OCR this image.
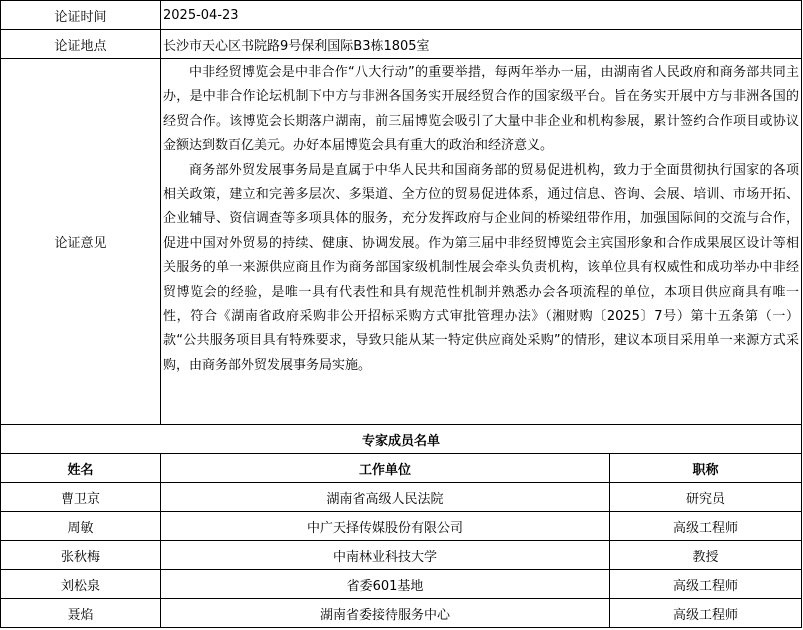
论证时间	2025-04-23	
论证地点	长沙市天心区书院路9号保利国际B3栋1805室	
论证意见	中非经贸博览会是中非合作“八大行动”的重要举措，每两年举办一届，由湖南省人民政府和商务部共同主办，是中非合作论坛机制下中方与非洲各国务实开展经贸合作的国家级平台。旨在务实开展中方与非洲各国的经贸合作。该博览会长期落户湖南，前三届博览会吸引了大量中非企业和机构参展，累计签约合作项目或协议金额达到数百亿美元。办好本届博览会具有重大的政治和经济意义。

商务部外贸发展事务局是直属于中华人民共和国商务部的贸易促进机构，致力于全面贯彻执行国家的各项相关政策，建立和完善多层次、多渠道、全方位的贸易促进体系，通过信息、咨询、会展、培训、市场开拓、企业辅导、资信调查等多项具体的服务，充分发挥政府与企业间的桥梁纽带作用，加强国际间的交流与合作，促进中国对外贸易的持续、健康、协调发展。作为第三届中非经贸博览会主宾国形象和合作成果展区设计等相关服务的单一来源供应商且作为商务部国家级机制性展会牵头负责机构，该单位具有权威性和成功举办中非经贸博览会的经验，是唯一具有代表性和具有规范性机制并熟悉办会各项流程的单位，本项目供应商具有唯一性，符合《湖南省政府采购非公开招标采购方式审批管理办法》（湘财购〔2025〕7号）第十五条第（一）款“公共服务项目具有特殊要求，导致只能从某一特定供应商处采购”的情形，建议本项目采用单一来源方式采购，由商务部外贸发展事务局实施。	

专家成员名单		
姓名	工作单位	职称
曹卫京	湖南省高级人民法院	研究员
周敏	中广天择传媒股份有限公司	高级工程师
张秋梅	中南林业科技大学	教授
刘松泉	省委601基地	高级工程师
聂焰	湖南省委接待服务中心	高级工程师
